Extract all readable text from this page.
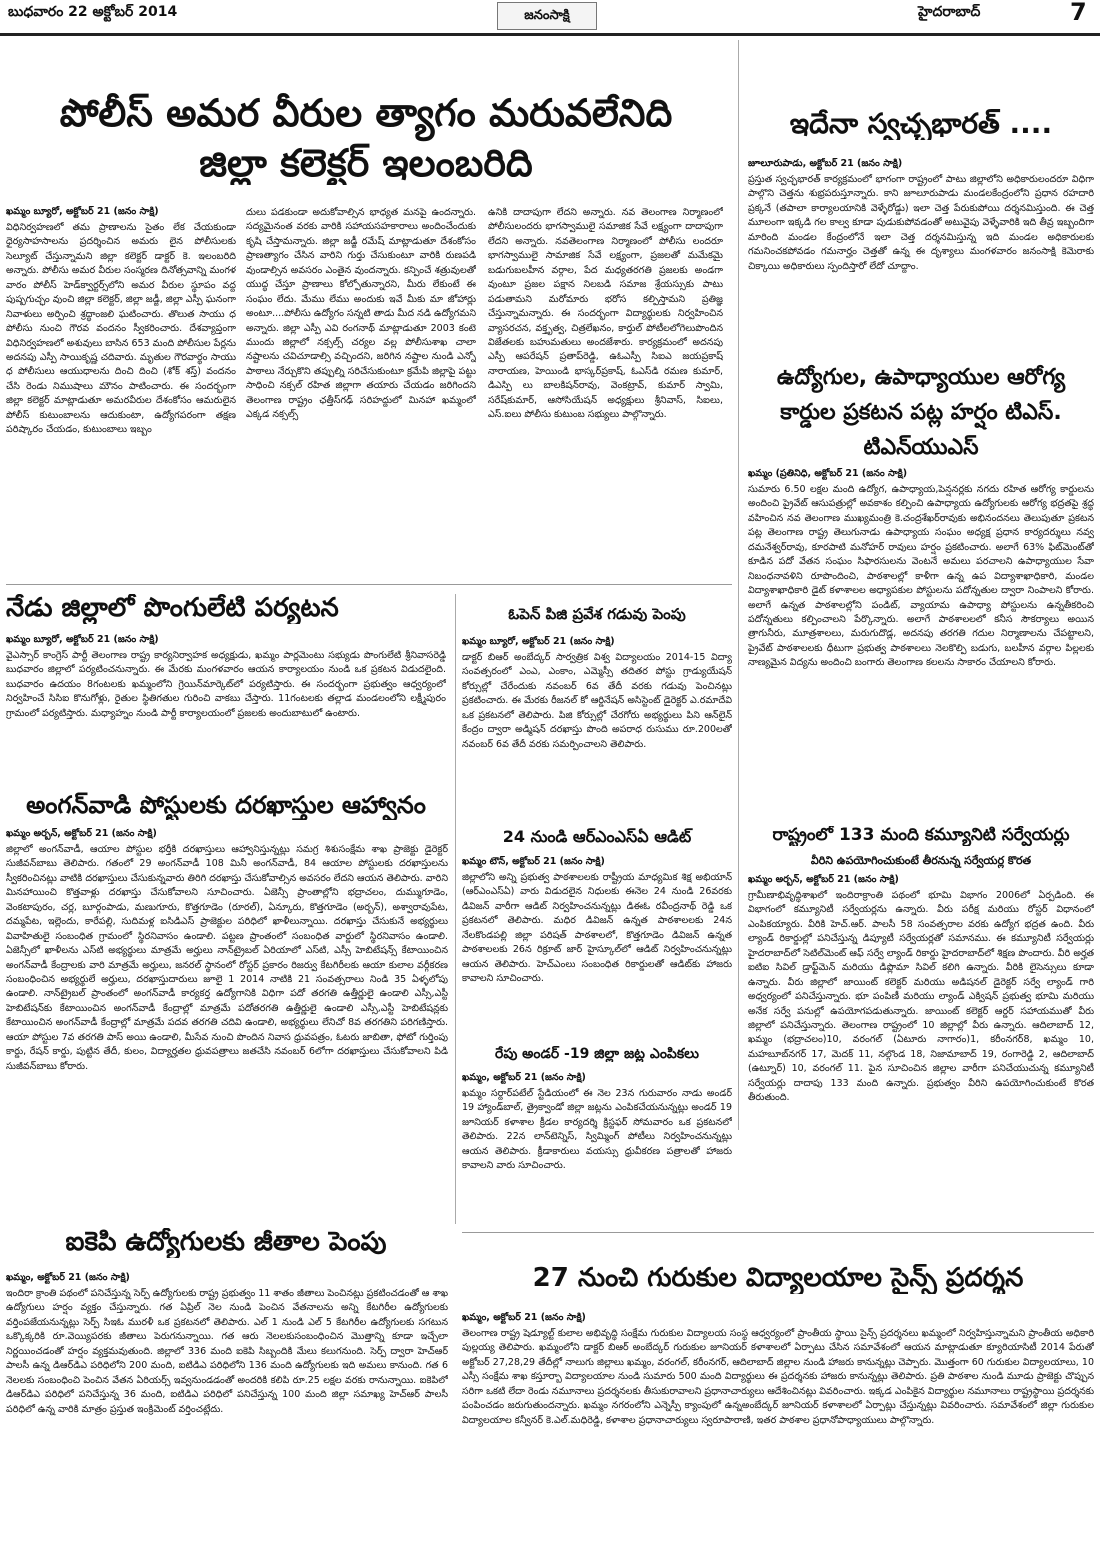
బుధవారం 22 అక్టోబర్ 2014	జనంసాక్షి	హైదరాబాద్	7
పోలీస్ అమర వీరుల త్యాగం మరువలేనిది
జిల్లా కలెక్టర్ ఇలంబరిది
ఖమ్మం బ్యూరో, అక్టోబర్ 21 (జనం సాక్షి)
విధినిర్వహణలో తమ ప్రాణాలను సైతం లేక చేయకుండా ధైర్యసాహసాలను ప్రదర్శించిన అమరు లైన పోలీసులకు సెల్యూట్ చేస్తున్నామని జిల్లా కలెక్టర్ డాక్టర్ కె. ఇలంబరిది అన్నారు. పోలీసు అమర వీరుల సంస్మరణ దినోత్సవాన్ని మంగళ వారం పోలీస్ హెడ్‌క్వార్టర్స్‌లోని అమర వీరుల స్థూపం వద్ద పుష్పగుచ్ఛం వుంచి జిల్లా కలెక్టర్, జిల్లా జడ్జీ, జిల్లా ఎస్పీ ఘనంగా నివాళులు అర్పించి శ్రద్ధాంజలి ఘటించారు. తొలుత సాయు ధ పోలీసు నుంచి గౌరవ వందనం స్వీకరించారు. దేశవ్యాప్తంగా విధినిర్వహణలో అశువులు బాసిన 653 మంది పోలీసుల పేర్లను అదనపు ఎస్పీ సాయికృష్ణ చదివారు. మృతుల గౌరవార్థం సాయు ధ పోలీసులు ఆయుధాలను దించి దించి (శోక్ శస్త్) వందనం చేసి రెండు నిముషాలు మౌనం పాటించారు. ఈ సందర్భంగా జిల్లా కలెక్టర్ మాట్లాడుతూ అమరవీరుల దేశంకోసం ఆమరులైన పోలీస్ కుటుంబాలను ఆదుకుంటా, ఉద్యోగపరంగా తక్షణ పరిష్కారం చేయడం, కుటుంబాలు ఇబ్బం
దులు పడకుండా అదుకోవాల్సిన భాధ్యత మనపై ఉందన్నారు. సద్యమైనంత వరకు వారికి సహాయసహకారాలు అందించేందుకు కృషి చేస్తామన్నారు. జిల్లా జడ్జీ రమేష్ మాట్లాడుతూ దేశంకోసం ప్రాణత్యాగం చేసిన వారిని గుర్తు చేసుకుంటూ వారికి రుణపడి వుండాల్సిన అవసరం ఎంతైన వుందన్నారు. కన్పించే శత్రువులతో యుద్ధ చేస్తూ ప్రాణాలు కోల్పోతున్నారని, మీరు లేకుంటే ఈ సంఘం లేదు. మేము లేము అందుకు ఇవే మీకు మా జోహార్లు అంటూ....పోలీసు ఉద్యోగం సన్నటి తాడు మీద నడి ఉద్యోగమని అన్నారు. జిల్లా ఎస్పీ ఎవి రంగనాథ్ మాట్లాడుతూ 2003 కంటె ముందు జిల్లాలో నక్సల్స్ చర్యల వల్ల పోలీసుశాఖ చాలా నష్టాలను చవిచూడాల్సి వచ్చిందని, జరిగిన నష్టాల నుండి ఎన్నో పాఠాలు నేర్చుకొని తప్పుల్ని సరిచేసుకుంటూ క్రమేపి జిల్లాపై పట్టు సాధించి నక్సల్ రహిత జిల్లాగా తయారు చేయడం జరిగిందని తెలంగాణ రాష్ట్రం ఛత్తీస్‌గఢ్ సరిహద్దులో మినహా ఖమ్మంలో ఎక్కడ నక్సల్స్
ఉనికి దాదాపుగా లేదని అన్నారు. నవ తెలంగాణ నిర్మాణంలో పోలీసులందరు భాగస్వాములై సమాజిక సేవే లక్ష్యంగా దాదాపుగా లేదని అన్నారు. నవతెలంగాణ నిర్మాణంలో పోలీసు లందరూ భాగస్వాములై సామాజిక సేవే లక్ష్యంగా, ప్రజలతో మమేకమై బడుగుబలహీన వర్గాల, పేద మధ్యతరగతి ప్రజలకు అండగా వుంటూ ప్రజల పక్షాన నిలబడి సమాజ శ్రేయస్సుకు పాటు పడుతామని మరోమారు భరోస కల్పిస్తామని ప్రతిజ్ఞ చేస్తున్నామన్నారు. ఈ సందర్భంగా విద్యార్థులకు నిర్వహించిన వ్యాసరచన, వక్తృత్వ, చిత్రలేఖనం, కార్తుల్ పోటీలలోగెలుపొందిన విజేతలకు బహుమతులు అందజేశారు. కార్యక్రమంలో అదనపు ఎస్పీ ఆపరేషన్ ప్రతాప్‌రెడ్డి, ఉఓఎస్పీ సిఐఎ జయప్రకాష్ నారాయణ, హెయిండి భాస్కర్‌ప్రకాష్, ఓఎస్‌డి రమణ కుమార్, డిఎస్పి లు బాలకిషన్‌రావు, వెంకట్రావ్, కుమార్ స్వామి, సరేష్‌కుమార్, ఆసోసియేషన్ అధ్యక్షులు శ్రీనివాస్, సిఐలు, ఎస్.ఐలు పోలీసు కుటుంబ సభ్యులు పాల్గొన్నారు.
ఇదేనా స్వచ్ఛభారత్ ....
జూలూరుపాడు, అక్టోబర్ 21 (జనం సాక్షి)
ప్రస్తుత స్వచ్ఛభారత్ కార్యక్రమంలో భాగంగా రాష్ట్రంలో పాటు జిల్లాలోని అధికారులందరూ విధిగా పాల్గొని చెత్తను శుభ్రపరుస్తూన్నారు. కాని జూలూరుపాడు మండలకేంద్రంలోని ప్రధాన రహదారి ప్రక్కనే (తపాలా కార్యాలయానికి వెళ్ళేరోడ్డు) ఇలా చెత్త పేరుకుపోయి దర్శనమిస్తుంది. ఈ చెత్త మూలంగా ఇక్కడి గల కాల్వ కూడా పుడుకుపోవడంతో అటువైపు వెళ్ళేవారికి ఇది తీవ్ర ఇబ్బందిగా మారింది మండల కేంద్రంలోనే ఇలా చెత్త దర్శనమిస్తున్న ఇది మండల అధికారులకు గమనించకపోవడం గమనార్హం చెత్తతో ఉన్న ఈ దృశ్యాలు మంగళవారం జనంసాక్షి కెమెరాకు చిక్కాయి అధికారులు స్పందిస్తారో లేదో చూద్దాం.
ఉద్యోగుల, ఉపాధ్యాయుల ఆరోగ్య కార్డుల ప్రకటన పట్ల హర్షం టిఎస్. టిఎన్‌యుఎస్
ఖమ్మం (ప్రతినిధి, అక్టోబర్ 21 (జనం సాక్షి)
సుమారు 6.50 లక్షల మంది ఉద్యోగ, ఉపాధ్యాయ,పెన్షనర్లకు నగదు రహిత ఆరోగ్య కార్డులను అందించి ప్రైవేట్ ఆసుపత్రుల్లో అవకాశం కల్పించి ఉపాధ్యాయ ఉద్యోగులకు ఆరోగ్య భద్రతపై శ్రద్ధ వహించిన నవ తెలంగాణ ముఖ్యమంత్రి కె.చంద్రశేఖర్‌రావుకు అభినందనలు తెలుపుతూ ప్రకటన పట్ల తెలంగాణ రాష్ట్ర తెలుగునాడు ఉపాధ్యాయ సంఘం అధ్యక్ష ప్రధాన కార్యదర్శులు నవ్వ దమనేశ్వర్‌రావు, కూరపాటి మనోహర్ రావులు హర్షం ప్రకటించారు. అలాగే 63% ఫిట్‌మెంట్‌తో కూడిన పదో వేతన సంఘం సిఫారసులను వెంటనే అమలు పరచాలని ఉపాధ్యాయుల సేవా నిబంధనావళిని రూపొందించి, పాఠశాలల్లో కాళీగా ఉన్న ఉప విద్యాశాఖాధికారి, మండల విద్యాశాఖాధికారి డైట్ కళాశాలల అధ్యాపకుల పోస్టులను పదోన్నతుల ద్వారా నింపాలని కోరారు. అలాగే ఉన్నత పాఠశాలల్లోని పండిట్, వ్యాయామ ఉపాధ్యా పోస్టులను ఉన్నతీకరించి పదోన్నతులు కల్పించాలని పేర్కొన్నారు. అలాగే పాఠశాలలలో కనీస సౌకర్యాలు అయిన త్రాగునీరు, మూత్రశాలలు, మరుగుదొడ్ల, అదనపు తరగతి గదుల నిర్మాణాలను చేపట్టాలని, ప్రైవేట్ పాఠశాలలకు ధీటుగా ప్రభుత్వ పాఠశాలలు నెలకొల్పి బడుగు, బలహీన వర్గాల పిల్లలకు నాణ్యమైన విద్యను అందించి బంగారు తెలంగాణ కలలను సాకారం చేయాలని కోరారు.
నేడు జిల్లాలో పొంగులేటి పర్యటన
ఖమ్మం బ్యూరో, అక్టోబర్ 21 (జనం సాక్షి)
వైఎస్సార్ కాంగ్రెస్ పార్టీ తెలంగాణ రాష్ట్ర కార్యనిర్వాహక అధ్యక్షుడు, ఖమ్మం పార్లమెంటు సభ్యుడు పొంగులేటి శ్రీనివాసరెడ్డి బుధవారం జిల్లాలో పర్యటించనున్నారు. ఈ మేరకు మంగళవారం ఆయన కార్యాలయం నుండి ఒక ప్రకటన విడుదలైంది. బుధవారం ఉదయం 8గంటలకు ఖమ్మంలోని గ్రెయిన్‌మార్కెట్‌లో పర్యటిస్తారు. ఈ సందర్భంగా ప్రభుత్వం ఆధ్వర్యంలో నిర్వహించే సిసిఐ కొనుగోళ్లు, రైతుల స్థితిగతుల గురించి వాకబు చేస్తారు. 11గంటలకు తల్లాడ మండలంలోని లక్ష్మీపురం గ్రామంలో పర్యటిస్తారు. మధ్యాహ్నం నుండి పార్టీ కార్యాలయంలో ప్రజలకు అందుబాటులో ఉంటారు.
ఓపెన్ పిజి ప్రవేశ గడువు పెంపు
ఖమ్మం బ్యూరో, అక్టోబర్ 21 (జనం సాక్షి)
డాక్టర్ బిఆర్ అంబేద్కర్ సార్వత్రిక విశ్వ విద్యాలయం 2014-15 విద్యా సంవత్సరంలో ఎంఎ, ఎంకాం, ఎమ్మెస్సీ తదితర పోస్టు గ్రాడ్యుయేషన్ కోర్సుల్లో చేరేందుకు నవంబర్ 6వ తేదీ వరకు గడువు పెంచినట్లు ప్రకటించారు. ఈ మేరకు రీజనల్ కో ఆర్డినేషన్ అసిస్టెంట్ డైరెక్టర్ ఎ.రమాదేవి ఒక ప్రకటనలో తెలిపారు. పిజి కోర్సుల్లో చేరగోరు అభ్యర్థులు పిని ఆన్‌లైన్ కేంద్రం ద్వారా అడ్మిషన్ దరఖాస్తు పొంది అపరాధ రుసుము రూ.200లతో నవంబర్ 6వ తేదీ వరకు సమర్పించాలని తెలిపారు.
అంగన్‌వాడి పోస్టులకు దరఖాస్తుల ఆహ్వానం
ఖమ్మం అర్బన్, అక్టోబర్ 21 (జనం సాక్షి)
జిల్లాలో అంగన్‌వాడీ, ఆయాల పోస్టుల భర్తీకి దరఖాస్తులు ఆహ్వానిస్తున్నట్లు సమగ్ర శిశుసంక్షేమ శాఖ ప్రాజెక్టు డైరెక్టర్ సుజీవన్‌బాబు తెలిపారు. గతంలో 29 అంగన్‌వాడీ 108 మినీ అంగన్‌వాడీ, 84 ఆయాల పోస్టులకు దరఖాస్తులను స్వీకరించినట్లు వాటికి దరఖాస్తులు చేసుకున్నవారు తిరిగి దరఖాస్తు చేసుకోవాల్సిన అవసరం లేదని ఆయన తెలిపారు. వారిని మినహాయించి కొత్తవాళ్లు దరఖాస్తు చేసుకోవాలని సూచించారు. ఏజెన్సీ ప్రాంతాల్లోని భద్రాచలం, దుమ్ముగూడెం, వెంకటాపురం, చర్ల, బూర్గంపాడు, మణుగూరు, కొత్తగూడెం (రూరల్), ఏన్కూరు, కొత్తగూడెం (అర్బన్), అశ్వారావుపేట, దమ్మపేట, ఇల్లెందు, కారేపల్లి, సుదిమళ్ల ఐసిడిఎస్ ప్రాజెక్టుల పరిధిలో ఖాళీలున్నాయి. దరఖాస్తు చేసుకునే అభ్యర్థులు వివాహితులై సంబంధిత గ్రామంలో స్థిరనివాసం ఉండాలి. పట్టణ ప్రాంతంలో సంబంధిత వార్డులో స్థిరనివాసం ఉండాలి. ఏజెన్సీలో ఖాళీలను ఎస్‌టి అభ్యర్థులు మాత్రమే అర్హులు నాన్‌ట్రైబల్ ఏరియాలో ఎస్‌టి, ఎస్సీ హెబిటేషన్స్ కేటాయించిన అంగన్‌వాడీ కేంద్రాలకు వారి మాత్రమే అర్హులు, జనరల్ స్థానంలో రోస్టర్ ప్రకారం రిజర్వు కేటగిరీలకు ఆయా కులాల వర్గీకరణ సంబంధించిన అభ్యర్థులే అర్హులు, దరఖాస్తుదారులు జూలై 1 2014 నాటికి 21 సంవత్సరాలు నిండి 35 ఏళ్ళలోపు ఉండాలి. నాన్‌ట్రైబల్ ప్రాంతంలో అంగన్‌వాడీ కార్యకర్త ఉద్యోగానికి విధిగా పదో తరగతి ఉత్తీర్ణులై ఉండాలి ఎస్సీ,ఎస్టీ హెబిటేషన్‌కు కేటాయించిన అంగన్‌వాడీ కేంద్రాల్లో మాత్రమే పదోతరగతి ఉత్తీర్ణులై ఉండాలి ఎస్సీ,ఎస్టీ హెబిటేషన్లకు కేటాయించిన అంగన్‌వాడీ కేంద్రాల్లో మాత్రమే పదవ తరగతి చదివి ఉండాలి, అభ్యర్థులు లేనిచో 8వ తరగతిని పరిగణిస్తారు. ఆయా పోస్టుల 7వ తరగతి పాస్ అయి ఉండాలి, మీసేవ నుంచి పొందిన నివాస ధ్రువపత్రం, ఓటరు జాబితా, ఫోటో గుర్తింపు కార్డు, రేషన్ కార్డు, పుట్టిన తేదీ, కులం, విద్యార్హతల ధ్రువపత్రాలు జతచేసి నవంబర్ 6లోగా దరఖాస్తులు చేసుకోవాలని పిడి సుజీవన్‌బాబు కోరారు.
24 నుండి ఆర్‌ఎంఎస్‌ఏ ఆడిట్
ఖమ్మం టౌన్, అక్టోబర్ 21 (జనం సాక్షి)
జిల్లాలోని అన్ని ప్రభుత్వ పాఠశాలలకు రాష్ట్రీయ మాధ్యమిక శిక్ష అభియాన్ (ఆర్ఎంఎస్ఏ) వారు విడుదలైన నిధులకు ఈనెల 24 నుండి 26వరకు డివిజన్ వారీగా ఆడిట్ నిర్వహించనున్నట్లు డిఈఓ రవీంద్రనాథ్ రెడ్డి ఒక ప్రకటనలో తెలిపారు. మధిర డివిజన్ ఉన్నత పాఠశాలలకు 24న నేలకొండపల్లి జిల్లా పరిషత్ పాఠశాలలో, కొత్తగూడెం డివిజన్ ఉన్నత పాఠశాలలకు 26న రిక్రూట్ జార్ హైస్కూల్‌లో ఆడిట్ నిర్వహించనున్నట్లు ఆయన తెలిపారు. హెచ్ఎంలు సంబంధిత రికార్డులతో ఆడిట్‌కు హాజరు కావాలని సూచించారు.
రేపు అండర్ -19 జిల్లా జట్ల ఎంపికలు
ఖమ్మం, అక్టోబర్ 21 (జనం సాక్షి)
ఖమ్మం సర్దార్‌పటేల్ స్టేడియంలో ఈ నెల 23న గురువారం నాడు అండర్ 19 హ్యాండ్‌బాల్, త్రైక్వాండో జిల్లా జట్లను ఎంపికచేయనున్నట్లు అండర్ 19 జూనియర్ కళాశాల క్రీడల కార్యదర్శి క్రిస్టఫర్ సోమవారం ఒక ప్రకటనలో తెలిపారు. 22న లాన్‌టెన్నిస్, స్విమ్మింగ్ పోటీలు నిర్వహించనున్నట్లు ఆయన తెలిపారు. క్రీడాకారులు వయస్సు ధ్రువీకరణ పత్రాలతో హాజరు కావాలని వారు సూచించారు.
రాష్ట్రంలో 133 మంది కమ్యూనిటి సర్వేయర్లు
వీరిని ఉపయోగించుకుంటే తీరనున్న సర్వేయర్ల కొరత
ఖమ్మం అర్బన్, అక్టోబర్ 21 (జనం సాక్షి)
గ్రామీణాభివృద్ధిశాఖలో ఇందిరాక్రాంతి పథంలో భూమి విభాగం 2006లో ఏర్పడింది. ఈ విభాగంలో కమ్యూనిటీ సర్వేయర్లను ఉన్నారు. వీరు పరీక్ష మరియు రోస్టర్ విధానంలో ఎంపికయ్యారు. వీరికి హెచ్.ఆర్. పాలసీ 58 సంవత్సరాల వరకు ఉద్యోగ భద్రత ఉంది. వీరు ల్యాండ్ రికార్డుల్లో పనిచేస్తున్న డిప్యూటీ సర్వేయర్లతో సమానము. ఈ కమ్యూనిటీ సర్వేయర్లు హైదరాబాద్‌లో సెటిల్‌మెంట్ ఆఫ్ సర్వే ల్యాండ్ రికార్డు హైదరాబాద్‌లో శిక్షణ పొందారు. వీరి అర్హత ఐటిఐ సివిల్ డ్రాఫ్ట్‌మెన్ మరియు డిప్లొమా సివిల్ కలిగి ఉన్నారు. వీరికి లైసెన్సులు కూడా ఉన్నారు. వీరు జిల్లాలో జాయింట్ కలెక్టర్ మరియు అడిషనల్ డైరెక్టర్ సర్వే ల్యాండ్ గారి అధ్వర్యంలో పనిచేస్తున్నారు. భూ పంపిణీ మరియు ల్యాండ్ ఎక్విషన్ ప్రభుత్వ భూమి మరియు అనేక సర్వే పనుల్లో ఉపయోగపడుతున్నారు. జాయింట్ కలెక్టర్ ఆర్డర్ సహాయముతో వీరు జిల్లాలో పనిచేస్తున్నారు. తెలంగాణ రాష్ట్రంలో 10 జిల్లాల్లో వీరు ఉన్నారు. ఆదిలాబాద్ 12, ఖమ్మం (భద్రాచలం)10, వరంగల్ (ఏటూరు నాగారం)1, కరీంనగర్8, ఖమ్మం 10, మహబూబ్‌నగర్ 17, మెదక్ 11, నల్గొండ 18, నిజామాబాద్ 19, రంగారెడ్డి 2, ఆదిలాబాద్ (ఉట్నూర్) 10, వరంగల్ 11. పైన సూచించిన జిల్లాల వారీగా పనిచేయుచున్న కమ్యూనిటీ సర్వేయర్లు దాదాపు 133 మంది ఉన్నారు. ప్రభుత్వం వీరిని ఉపయోగించుకుంటే కొరత తీరుతుంది.
ఐకెపి ఉద్యోగులకు జీతాల పెంపు
ఖమ్మం, అక్టోబర్ 21 (జనం సాక్షి)
ఇందిరా క్రాంతి పథంలో పనిచేస్తున్న సెర్ప్ ఉద్యోగులకు రాష్ట్ర ప్రభుత్వం 11 శాతం జీతాలు పెంచినట్లు ప్రకటించడంతో ఆ శాఖ ఉద్యోగులు హర్షం వ్యక్తం చేస్తున్నారు. గత ఏప్రిల్ నెల నుండి పెంచిన వేతనాలను అన్ని కేటగిరీల ఉద్యోగులకు వర్తింపజేయనున్నట్లు సెర్ప్ సిఇఓ మురళీ ఒక ప్రకటనలో తెలిపారు. ఎల్ 1 నుండి ఎల్ 5 కేటగిరీల ఉద్యోగులకు సగటున ఒక్కొక్కరికి రూ.వెయ్యిపరకు జీతాలు పెరుగనున్నాయి. గత ఆరు నెలలకుసంబంధించిన మొత్తాన్ని కూడా ఇచ్చేలా నిర్ణయించడంతో హర్షం వ్యక్తమవుతుంది. జిల్లాలో 336 మంది ఐకెపి సిబ్బందికి మేలు కలుగనుంది. సెర్ప్ ద్వారా హెచ్‌ఆర్ పాలసీ ఉన్న డిఆర్‌డిఎ పరిధిలోని 200 మంది, ఐటిడిఎ పరిధిలోని 136 మంది ఉద్యోగులకు ఇది అమలు కానుంది. గత 6 నెలలకు సంబంధించి పెంచిన వేతన ఏరియర్స్ ఇవ్వనుండడంతో అందరికి కలిపి రూ.25 లక్షల వరకు రానున్నాయి. ఐకెపిలో డిఆర్‌డిఎ పరిధిలో పనిచేస్తున్న 36 మంది, ఐటిడిఎ పరిధిలో పనిచేస్తున్న 100 మంది జిల్లా సమాఖ్య హెచ్‌ఆర్ పాలసీ పరిధిలో ఉన్న వారికి మాత్రం ప్రస్తుత ఇంక్రిమెంట్ వర్తించట్లేదు.
27 నుంచి గురుకుల విద్యాలయాల సైన్స్ ప్రదర్శన
ఖమ్మం, అక్టోబర్ 21 (జనం సాక్షి)
తెలంగాణ రాష్ట్ర షెడ్యూల్ట్ కులాల అభివృద్ధి సంక్షేమ గురుకుల విద్యాలయ సంస్థ ఆధ్వర్యంలో ప్రాంతీయ స్థాయి సైన్స్ ప్రదర్శనలు ఖమ్మంలో నిర్వహిస్తున్నామని ప్రాంతీయ అధికారి పుల్లయ్య తెలిపారు. ఖమ్మంలోని డాక్టర్ బిఆర్ అంబేద్కర్ గురుకుల జూనియర్ కళాశాలలో ఏర్పాటు చేసిన సమావేశంలో ఆయన మాట్లాడుతూ క్యూరియాసిటీ 2014 పేరుతో అక్టోబర్ 27,28,29 తేదీల్లో నాలుగు జిల్లాలు ఖమ్మం, వరంగల్, కరీంనగర్, ఆదిలాబాద్ జిల్లాల నుండి హాజరు కానున్నట్లు చెప్పారు. మొత్తంగా 60 గురుకుల విద్యాలయాలు, 10 ఎస్సీ సంక్షేమ శాఖ కస్తూర్బా విద్యాలయాల నుండి సుమారు 500 మంది విద్యార్థులు ఈ ప్రదర్శనకు హాజరు కానున్నట్లు తెలిపారు. ప్రతి పాఠశాల నుండి మూడు ప్రాజెక్టు చొప్పున సరిగా ఒకటి లేదా రెండు నమూనాలు ప్రదర్శనలకు తీసుకురావాలని ప్రధానాచార్యులు ఆదేశించినట్లు వివరించారు. ఇక్కడ ఎంపికైన విద్యార్థుల నమూనాలు రాష్ట్రస్థాయి ప్రదర్శనకు పంపించడం జరుగుతుందన్నారు. ఖమ్మం నగరంలోని ఎన్నెస్పీ క్యాంపులో ఉన్నఅంబేద్కర్ జూనియర్ కళాశాలలో ఏర్పాట్లు చేస్తున్నట్లు వివరించారు. సమావేశంలో జిల్లా గురుకుల విద్యాలయాల కన్వీనర్ కె.ఎల్.మధిరెడ్డి, కళాశాల ప్రధానాచార్యులు స్వరూపారాణి, ఇతర పాఠశాల ప్రధానోపాధ్యాయులు పాల్గొన్నారు.
